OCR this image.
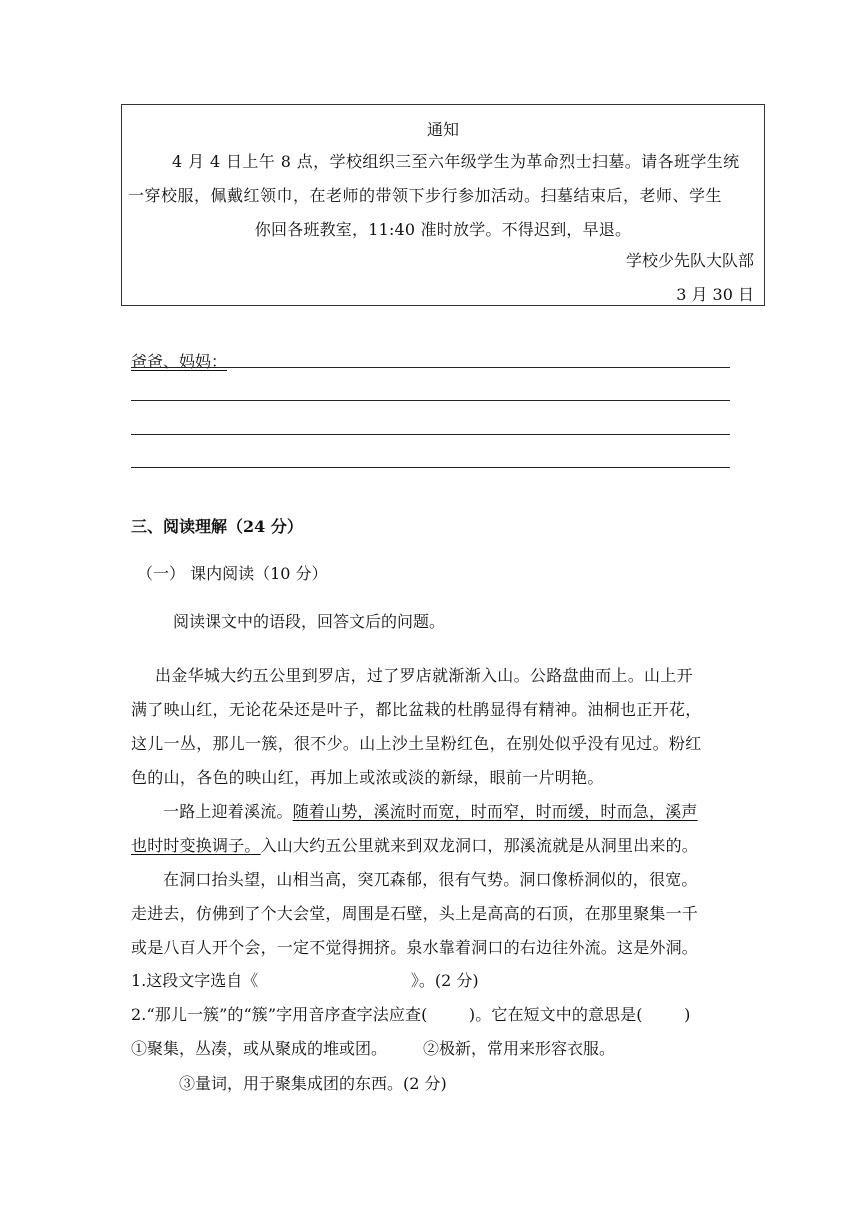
通知
4 月 4 日上午 8 点，学校组织三至六年级学生为革命烈士扫墓。请各班学生统
一穿校服，佩戴红领巾，在老师的带领下步行参加活动。扫墓结束后，老师、学生
你回各班教室，11:40 准时放学。不得迟到，早退。
学校少先队大队部
3 月 30 日
爸爸、妈妈：
三、阅读理解（24 分）
（一） 课内阅读（10 分）
阅读课文中的语段，回答文后的问题。
出金华城大约五公里到罗店，过了罗店就渐渐入山。公路盘曲而上。山上开
满了映山红，无论花朵还是叶子，都比盆栽的杜鹃显得有精神。油桐也正开花，
这儿一丛，那儿一簇，很不少。山上沙土呈粉红色，在别处似乎没有见过。粉红
色的山，各色的映山红，再加上或浓或淡的新绿，眼前一片明艳。
一路上迎着溪流。随着山势，溪流时而宽，时而窄，时而缓，时而急，溪声
也时时变换调子。入山大约五公里就来到双龙洞口，那溪流就是从洞里出来的。
在洞口抬头望，山相当高，突兀森郁，很有气势。洞口像桥洞似的，很宽。
走进去，仿佛到了个大会堂，周围是石壁，头上是高高的石顶，在那里聚集一千
或是八百人开个会，一定不觉得拥挤。泉水靠着洞口的右边往外流。这是外洞。
1.这段文字选自《                              》。(2 分)
2.“那儿一簇”的“簇”字用音序查字法应查(        )。它在短文中的意思是(        )
①聚集，丛凑，或从聚成的堆或团。 ②极新，常用来形容衣服。
③量词，用于聚集成团的东西。(2 分)
